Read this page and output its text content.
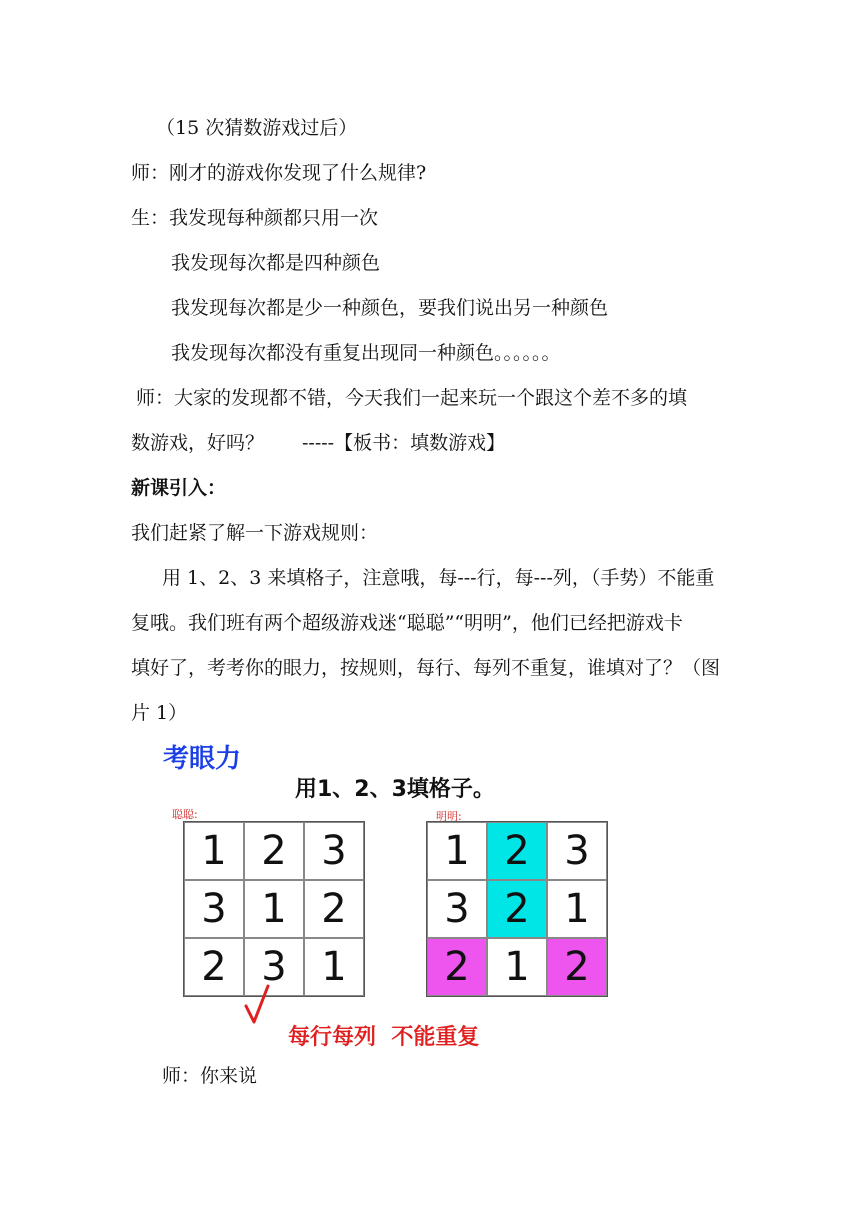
（15 次猜数游戏过后）
师：刚才的游戏你发现了什么规律?
生：我发现每种颜都只用一次
我发现每次都是四种颜色
我发现每次都是少一种颜色，要我们说出另一种颜色
我发现每次都没有重复出现同一种颜色。。。。。。
师：大家的发现都不错，今天我们一起来玩一个跟这个差不多的填
数游戏，好吗？　　-----【板书：填数游戏】
新课引入：
我们赶紧了解一下游戏规则：
用 1、2、3 来填格子，注意哦，每---行，每---列，（手势）不能重
复哦。我们班有两个超级游戏迷“聪聪”“明明”，他们已经把游戏卡
填好了，考考你的眼力，按规则，每行、每列不重复，谁填对了？（图
片 1）
考眼力
用1、2、3填格子。
聪聪:
1 2 3
3 1 2
2 3 1
明明:
1 2 3
3 2 1
2 1 2
每行每列  不能重复
师：你来说
